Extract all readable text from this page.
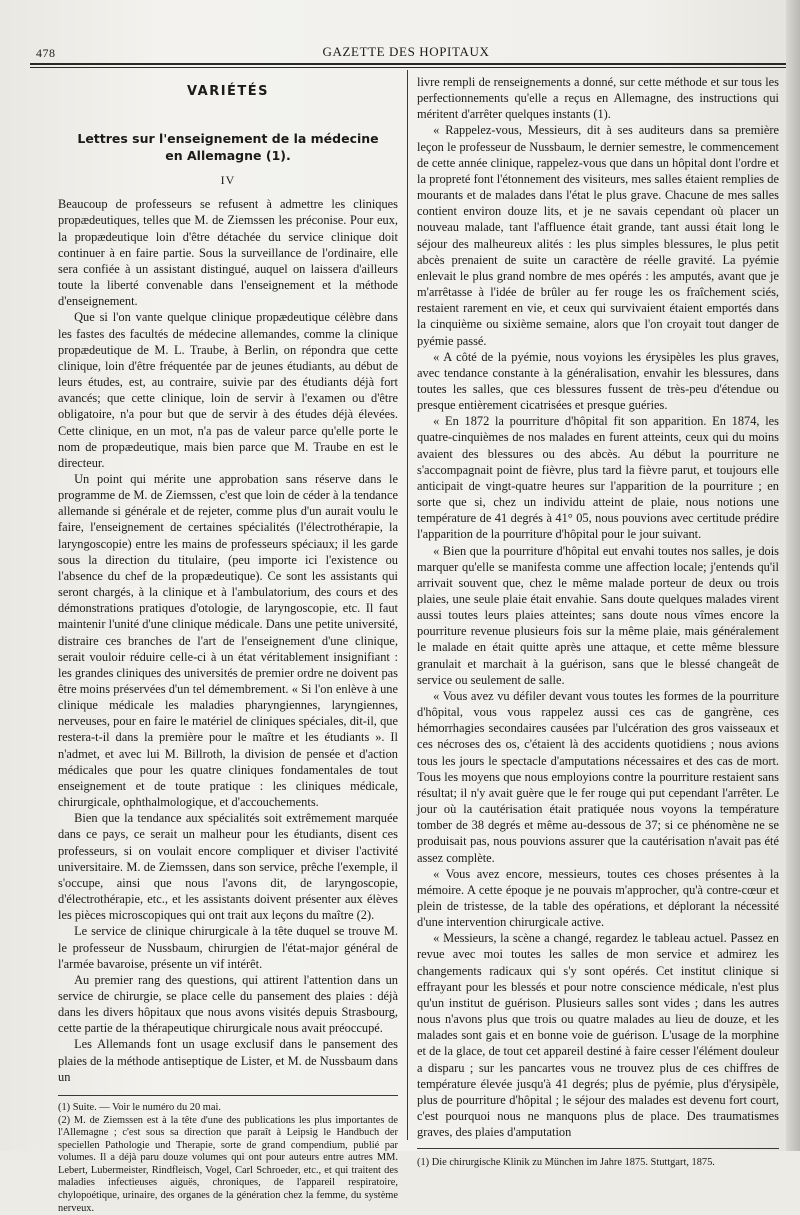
478	GAZETTE DES HOPITAUX
VARIÉTÉS
Lettres sur l'enseignement de la médecine en Allemagne (1).
IV

Beaucoup de professeurs se refusent à admettre les cliniques propædeutiques, telles que M. de Ziemssen les préconise. Pour eux, la propædeutique loin d'être détachée du service clinique doit continuer à en faire partie. Sous la surveillance de l'ordinaire, elle sera confiée à un assistant distingué, auquel on laissera d'ailleurs toute la liberté convenable dans l'enseignement et la méthode d'enseignement.

Que si l'on vante quelque clinique propædeutique célèbre dans les fastes des facultés de médecine allemandes, comme la clinique propædeutique de M. L. Traube, à Berlin, on répondra que cette clinique, loin d'être fréquentée par de jeunes étudiants, au début de leurs études, est, au contraire, suivie par des étudiants déjà fort avancés; que cette clinique, loin de servir à l'examen ou d'être obligatoire, n'a pour but que de servir à des études déjà élevées. Cette clinique, en un mot, n'a pas de valeur parce qu'elle porte le nom de propædeutique, mais bien parce que M. Traube en est le directeur.

Un point qui mérite une approbation sans réserve dans le programme de M. de Ziemssen, c'est que loin de céder à la tendance allemande si générale et de rejeter, comme plus d'un aurait voulu le faire, l'enseignement de certaines spécialités (l'électrothérapie, la laryngoscopie) entre les mains de professeurs spéciaux; il les garde sous la direction du titulaire, (peu importe ici l'existence ou l'absence du chef de la propædeutique). Ce sont les assistants qui seront chargés, à la clinique et à l'ambulatorium, des cours et des démonstrations pratiques d'otologie, de laryngoscopie, etc. Il faut maintenir l'unité d'une clinique médicale. Dans une petite université, distraire ces branches de l'art de l'enseignement d'une clinique, serait vouloir réduire celle-ci à un état véritablement insignifiant : les grandes cliniques des universités de premier ordre ne doivent pas être moins préservées d'un tel démembrement. « Si l'on enlève à une clinique médicale les maladies pharyngiennes, laryngiennes, nerveuses, pour en faire le matériel de cliniques spéciales, dit-il, que restera-t-il dans la première pour le maître et les étudiants ». Il n'admet, et avec lui M. Billroth, la division de pensée et d'action médicales que pour les quatre cliniques fondamentales de tout enseignement et de toute pratique : les cliniques médicale, chirurgicale, ophthalmologique, et d'accouchements.

Bien que la tendance aux spécialités soit extrêmement marquée dans ce pays, ce serait un malheur pour les étudiants, disent ces professeurs, si on voulait encore compliquer et diviser l'activité universitaire. M. de Ziemssen, dans son service, prêche l'exemple, il s'occupe, ainsi que nous l'avons dit, de laryngoscopie, d'électrothérapie, etc., et les assistants doivent présenter aux élèves les pièces microscopiques qui ont trait aux leçons du maître (2).

Le service de clinique chirurgicale à la tête duquel se trouve M. le professeur de Nussbaum, chirurgien de l'état-major général de l'armée bavaroise, présente un vif intérêt.

Au premier rang des questions, qui attirent l'attention dans un service de chirurgie, se place celle du pansement des plaies : déjà dans les divers hôpitaux que nous avons visités depuis Strasbourg, cette partie de la thérapeutique chirurgicale nous avait préoccupé.

Les Allemands font un usage exclusif dans le pansement des plaies de la méthode antiseptique de Lister, et M. de Nussbaum dans un

(1) Suite. — Voir le numéro du 20 mai.

(2) M. de Ziemssen est à la tête d'une des publications les plus importantes de l'Allemagne ; c'est sous sa direction que paraît à Leipsig le Handbuch der speciellen Pathologie und Therapie, sorte de grand compendium, publié par volumes. Il a déjà paru douze volumes qui ont pour auteurs entre autres MM. Lebert, Lubermeister, Rindfleisch, Vogel, Carl Schroeder, etc., et qui traitent des maladies infectieuses aiguës, chroniques, de l'appareil respiratoire, chylopoétique, urinaire, des organes de la génération chez la femme, du système nerveux.

livre rempli de renseignements a donné, sur cette méthode et sur tous les perfectionnements qu'elle a reçus en Allemagne, des instructions qui méritent d'arrêter quelques instants (1).

« Rappelez-vous, Messieurs, dit à ses auditeurs dans sa première leçon le professeur de Nussbaum, le dernier semestre, le commencement de cette année clinique, rappelez-vous que dans un hôpital dont l'ordre et la propreté font l'étonnement des visiteurs, mes salles étaient remplies de mourants et de malades dans l'état le plus grave. Chacune de mes salles contient environ douze lits, et je ne savais cependant où placer un nouveau malade, tant l'affluence était grande, tant aussi était long le séjour des malheureux alités : les plus simples blessures, le plus petit abcès prenaient de suite un caractère de réelle gravité. La pyémie enlevait le plus grand nombre de mes opérés : les amputés, avant que je m'arrêtasse à l'idée de brûler au fer rouge les os fraîchement sciés, restaient rarement en vie, et ceux qui survivaient étaient emportés dans la cinquième ou sixième semaine, alors que l'on croyait tout danger de pyémie passé.

« A côté de la pyémie, nous voyions les érysipèles les plus graves, avec tendance constante à la généralisation, envahir les blessures, dans toutes les salles, que ces blessures fussent de très-peu d'étendue ou presque entièrement cicatrisées et presque guéries.

« En 1872 la pourriture d'hôpital fit son apparition. En 1874, les quatre-cinquièmes de nos malades en furent atteints, ceux qui du moins avaient des blessures ou des abcès. Au début la pourriture ne s'accompagnait point de fièvre, plus tard la fièvre parut, et toujours elle anticipait de vingt-quatre heures sur l'apparition de la pourriture ; en sorte que si, chez un individu atteint de plaie, nous notions une température de 41 degrés à 41° 05, nous pouvions avec certitude prédire l'apparition de la pourriture d'hôpital pour le jour suivant.

« Bien que la pourriture d'hôpital eut envahi toutes nos salles, je dois marquer qu'elle se manifesta comme une affection locale; j'entends qu'il arrivait souvent que, chez le même malade porteur de deux ou trois plaies, une seule plaie était envahie. Sans doute quelques malades virent aussi toutes leurs plaies atteintes; sans doute nous vîmes encore la pourriture revenue plusieurs fois sur la même plaie, mais généralement le malade en était quitte après une attaque, et cette même blessure granulait et marchait à la guérison, sans que le blessé changeât de service ou seulement de salle.

« Vous avez vu défiler devant vous toutes les formes de la pourriture d'hôpital, vous vous rappelez aussi ces cas de gangrène, ces hémorrhagies secondaires causées par l'ulcération des gros vaisseaux et ces nécroses des os, c'étaient là des accidents quotidiens ; nous avions tous les jours le spectacle d'amputations nécessaires et des cas de mort. Tous les moyens que nous employions contre la pourriture restaient sans résultat; il n'y avait guère que le fer rouge qui put cependant l'arrêter. Le jour où la cautérisation était pratiquée nous voyons la température tomber de 38 degrés et même au-dessous de 37; si ce phénomène ne se produisait pas, nous pouvions assurer que la cautérisation n'avait pas été assez complète.

« Vous avez encore, messieurs, toutes ces choses présentes à la mémoire. A cette époque je ne pouvais m'approcher, qu'à contre-cœur et plein de tristesse, de la table des opérations, et déplorant la nécessité d'une intervention chirurgicale active.

« Messieurs, la scène a changé, regardez le tableau actuel. Passez en revue avec moi toutes les salles de mon service et admirez les changements radicaux qui s'y sont opérés. Cet institut clinique si effrayant pour les blessés et pour notre conscience médicale, n'est plus qu'un institut de guérison. Plusieurs salles sont vides ; dans les autres nous n'avons plus que trois ou quatre malades au lieu de douze, et les malades sont gais et en bonne voie de guérison. L'usage de la morphine et de la glace, de tout cet appareil destiné à faire cesser l'élément douleur a disparu ; sur les pancartes vous ne trouvez plus de ces chiffres de température élevée jusqu'à 41 degrés; plus de pyémie, plus d'érysipèle, plus de pourriture d'hôpital ; le séjour des malades est devenu fort court, c'est pourquoi nous ne manquons plus de place. Des traumatismes graves, des plaies d'amputation

(1) Die chirurgische Klinik zu München im Jahre 1875. Stuttgart, 1875.
